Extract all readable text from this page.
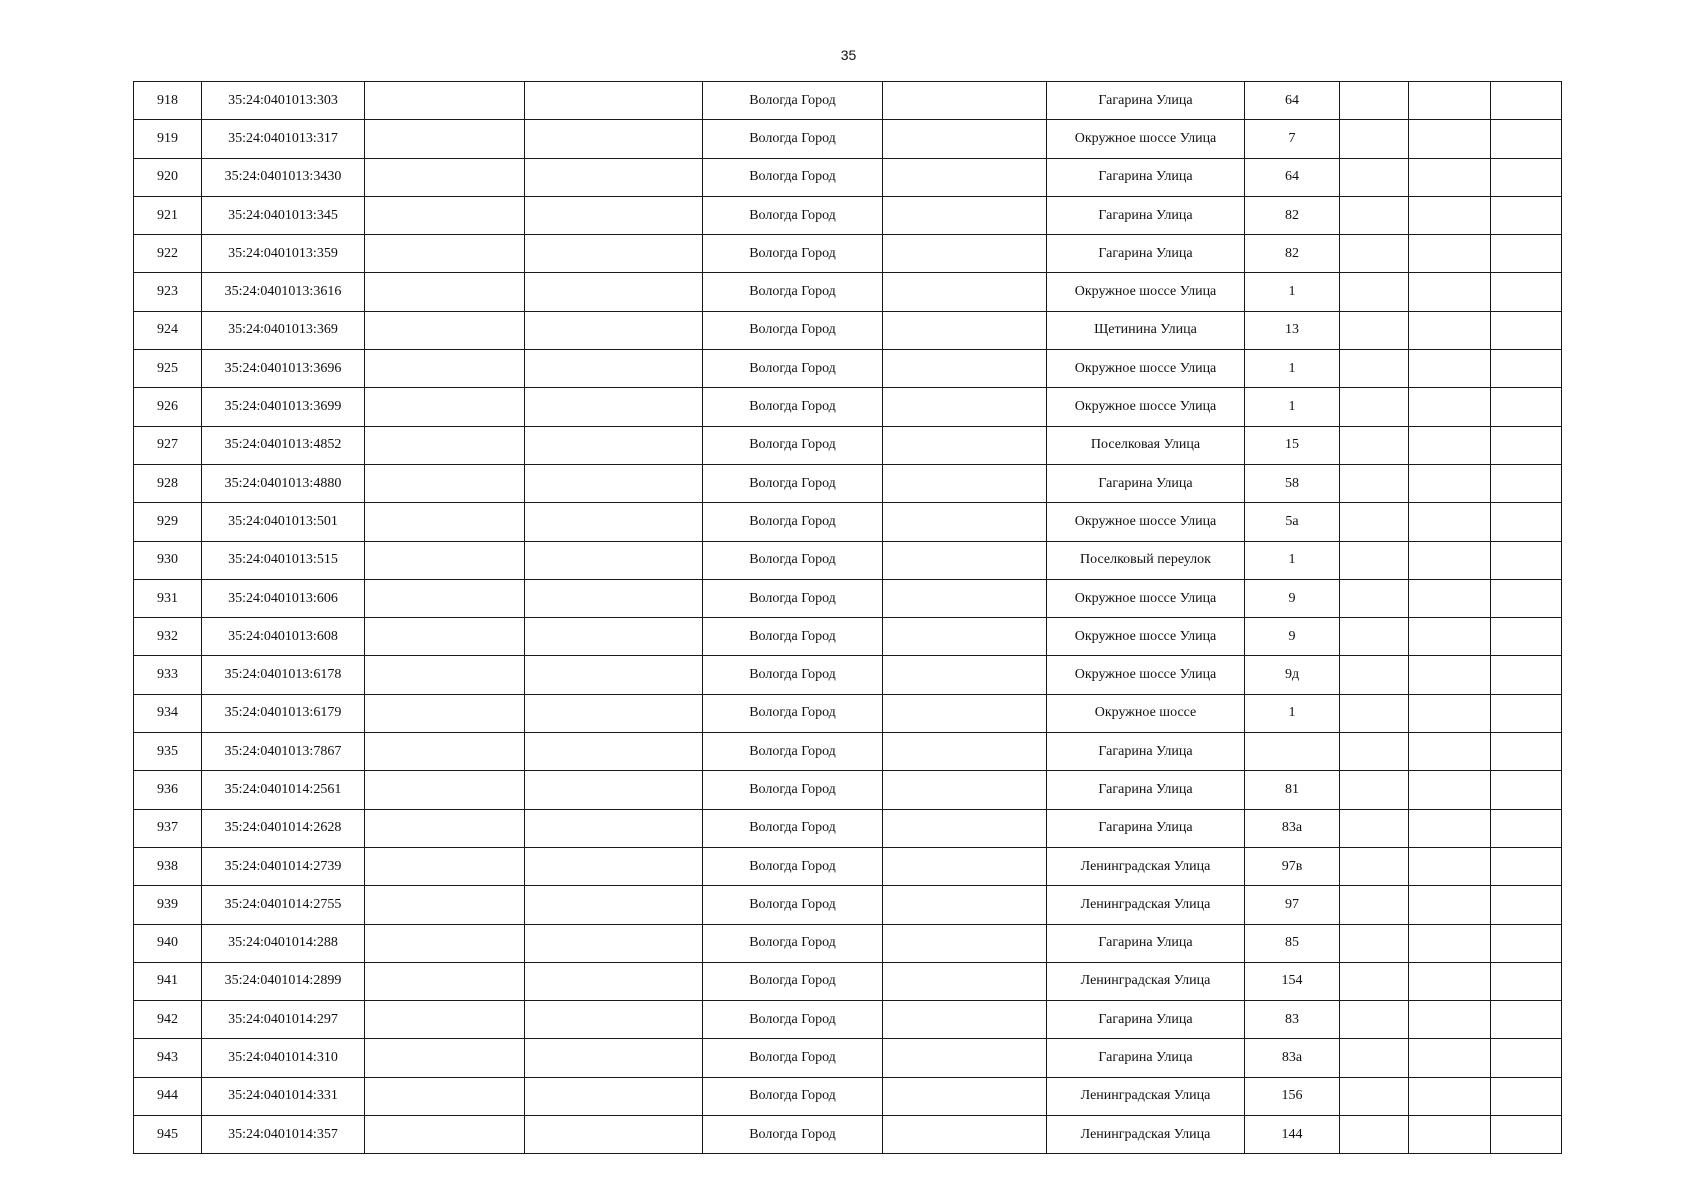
35
918	35:24:0401013:303			Вологда Город		Гагарина Улица	64			
919	35:24:0401013:317			Вологда Город		Окружное шоссе Улица	7			
920	35:24:0401013:3430			Вологда Город		Гагарина Улица	64			
921	35:24:0401013:345			Вологда Город		Гагарина Улица	82			
922	35:24:0401013:359			Вологда Город		Гагарина Улица	82			
923	35:24:0401013:3616			Вологда Город		Окружное шоссе Улица	1			
924	35:24:0401013:369			Вологда Город		Щетинина Улица	13			
925	35:24:0401013:3696			Вологда Город		Окружное шоссе Улица	1			
926	35:24:0401013:3699			Вологда Город		Окружное шоссе Улица	1			
927	35:24:0401013:4852			Вологда Город		Поселковая Улица	15			
928	35:24:0401013:4880			Вологда Город		Гагарина Улица	58			
929	35:24:0401013:501			Вологда Город		Окружное шоссе Улица	5а			
930	35:24:0401013:515			Вологда Город		Поселковый переулок	1			
931	35:24:0401013:606			Вологда Город		Окружное шоссе Улица	9			
932	35:24:0401013:608			Вологда Город		Окружное шоссе Улица	9			
933	35:24:0401013:6178			Вологда Город		Окружное шоссе Улица	9д			
934	35:24:0401013:6179			Вологда Город		Окружное шоссе	1			
935	35:24:0401013:7867			Вологда Город		Гагарина Улица				
936	35:24:0401014:2561			Вологда Город		Гагарина Улица	81			
937	35:24:0401014:2628			Вологда Город		Гагарина Улица	83а			
938	35:24:0401014:2739			Вологда Город		Ленинградская Улица	97в			
939	35:24:0401014:2755			Вологда Город		Ленинградская Улица	97			
940	35:24:0401014:288			Вологда Город		Гагарина Улица	85			
941	35:24:0401014:2899			Вологда Город		Ленинградская Улица	154			
942	35:24:0401014:297			Вологда Город		Гагарина Улица	83			
943	35:24:0401014:310			Вологда Город		Гагарина Улица	83а			
944	35:24:0401014:331			Вологда Город		Ленинградская Улица	156			
945	35:24:0401014:357			Вологда Город		Ленинградская Улица	144			
